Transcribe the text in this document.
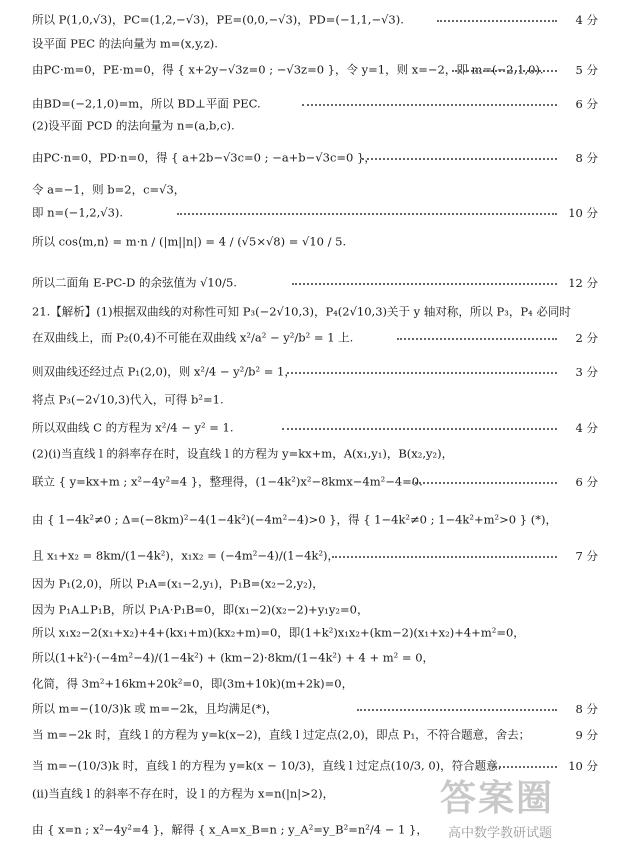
所以 P(1,0,√3)，PC=(1,2,−√3)，PE=(0,0,−√3)，PD=(−1,1,−√3).	4 分
设平面 PEC 的法向量为 m=(x,y,z).
由PC·m=0，PE·m=0，得 { x+2y−√3z=0 ; −√3z=0 }，令 y=1，则 x=−2，即 m=(−2,1,0).	5 分
由BD=(−2,1,0)=m，所以 BD⊥平面 PEC.	6 分
(2)设平面 PCD 的法向量为 n=(a,b,c).
由PC·n=0，PD·n=0，得 { a+2b−√3c=0 ; −a+b−√3c=0 }，	8 分
令 a=−1，则 b=2，c=√3，
即 n=(−1,2,√3).	10 分
所以 cos⟨m,n⟩ = m·n / (|m||n|) = 4 / (√5×√8) = √10 / 5.
所以二面角 E-PC-D 的余弦值为 √10/5.	12 分
21.【解析】(1)根据双曲线的对称性可知 P₃(−2√10,3)，P₄(2√10,3)关于 y 轴对称，所以 P₃，P₄ 必同时
在双曲线上，而 P₂(0,4)不可能在双曲线 x²/a² − y²/b² = 1 上.	2 分
则双曲线还经过点 P₁(2,0)，则 x²/4 − y²/b² = 1，	3 分
将点 P₃(−2√10,3)代入，可得 b²=1.
所以双曲线 C 的方程为 x²/4 − y² = 1.	4 分
(2)(i)当直线 l 的斜率存在时，设直线 l 的方程为 y=kx+m，A(x₁,y₁)，B(x₂,y₂)，
联立 { y=kx+m ; x²−4y²=4 }，整理得，(1−4k²)x²−8kmx−4m²−4=0.	6 分
由 { 1−4k²≠0 ; Δ=(−8km)²−4(1−4k²)(−4m²−4)>0 }，得 { 1−4k²≠0 ; 1−4k²+m²>0 } (*)，
且 x₁+x₂ = 8km/(1−4k²)，x₁x₂ = (−4m²−4)/(1−4k²)，	7 分
因为 P₁(2,0)，所以 P₁A=(x₁−2,y₁)，P₁B=(x₂−2,y₂)，
因为 P₁A⊥P₁B，所以 P₁A·P₁B=0，即(x₁−2)(x₂−2)+y₁y₂=0，
所以 x₁x₂−2(x₁+x₂)+4+(kx₁+m)(kx₂+m)=0，即(1+k²)x₁x₂+(km−2)(x₁+x₂)+4+m²=0，
所以(1+k²)·(−4m²−4)/(1−4k²) + (km−2)·8km/(1−4k²) + 4 + m² = 0，
化简，得 3m²+16km+20k²=0，即(3m+10k)(m+2k)=0，
所以 m=−(10/3)k 或 m=−2k，且均满足(*)，	8 分
当 m=−2k 时，直线 l 的方程为 y=k(x−2)，直线 l 过定点(2,0)，即点 P₁，不符合题意，舍去；	9 分
当 m=−(10/3)k 时，直线 l 的方程为 y=k(x − 10/3)，直线 l 过定点(10/3, 0)，符合题意.	10 分
(ii)当直线 l 的斜率不存在时，设 l 的方程为 x=n(|n|>2)，
由 { x=n ; x²−4y²=4 }，解得 { x_A=x_B=n ; y_A²=y_B²=n²/4 − 1 }，
答案圈
高中数学教研试题
